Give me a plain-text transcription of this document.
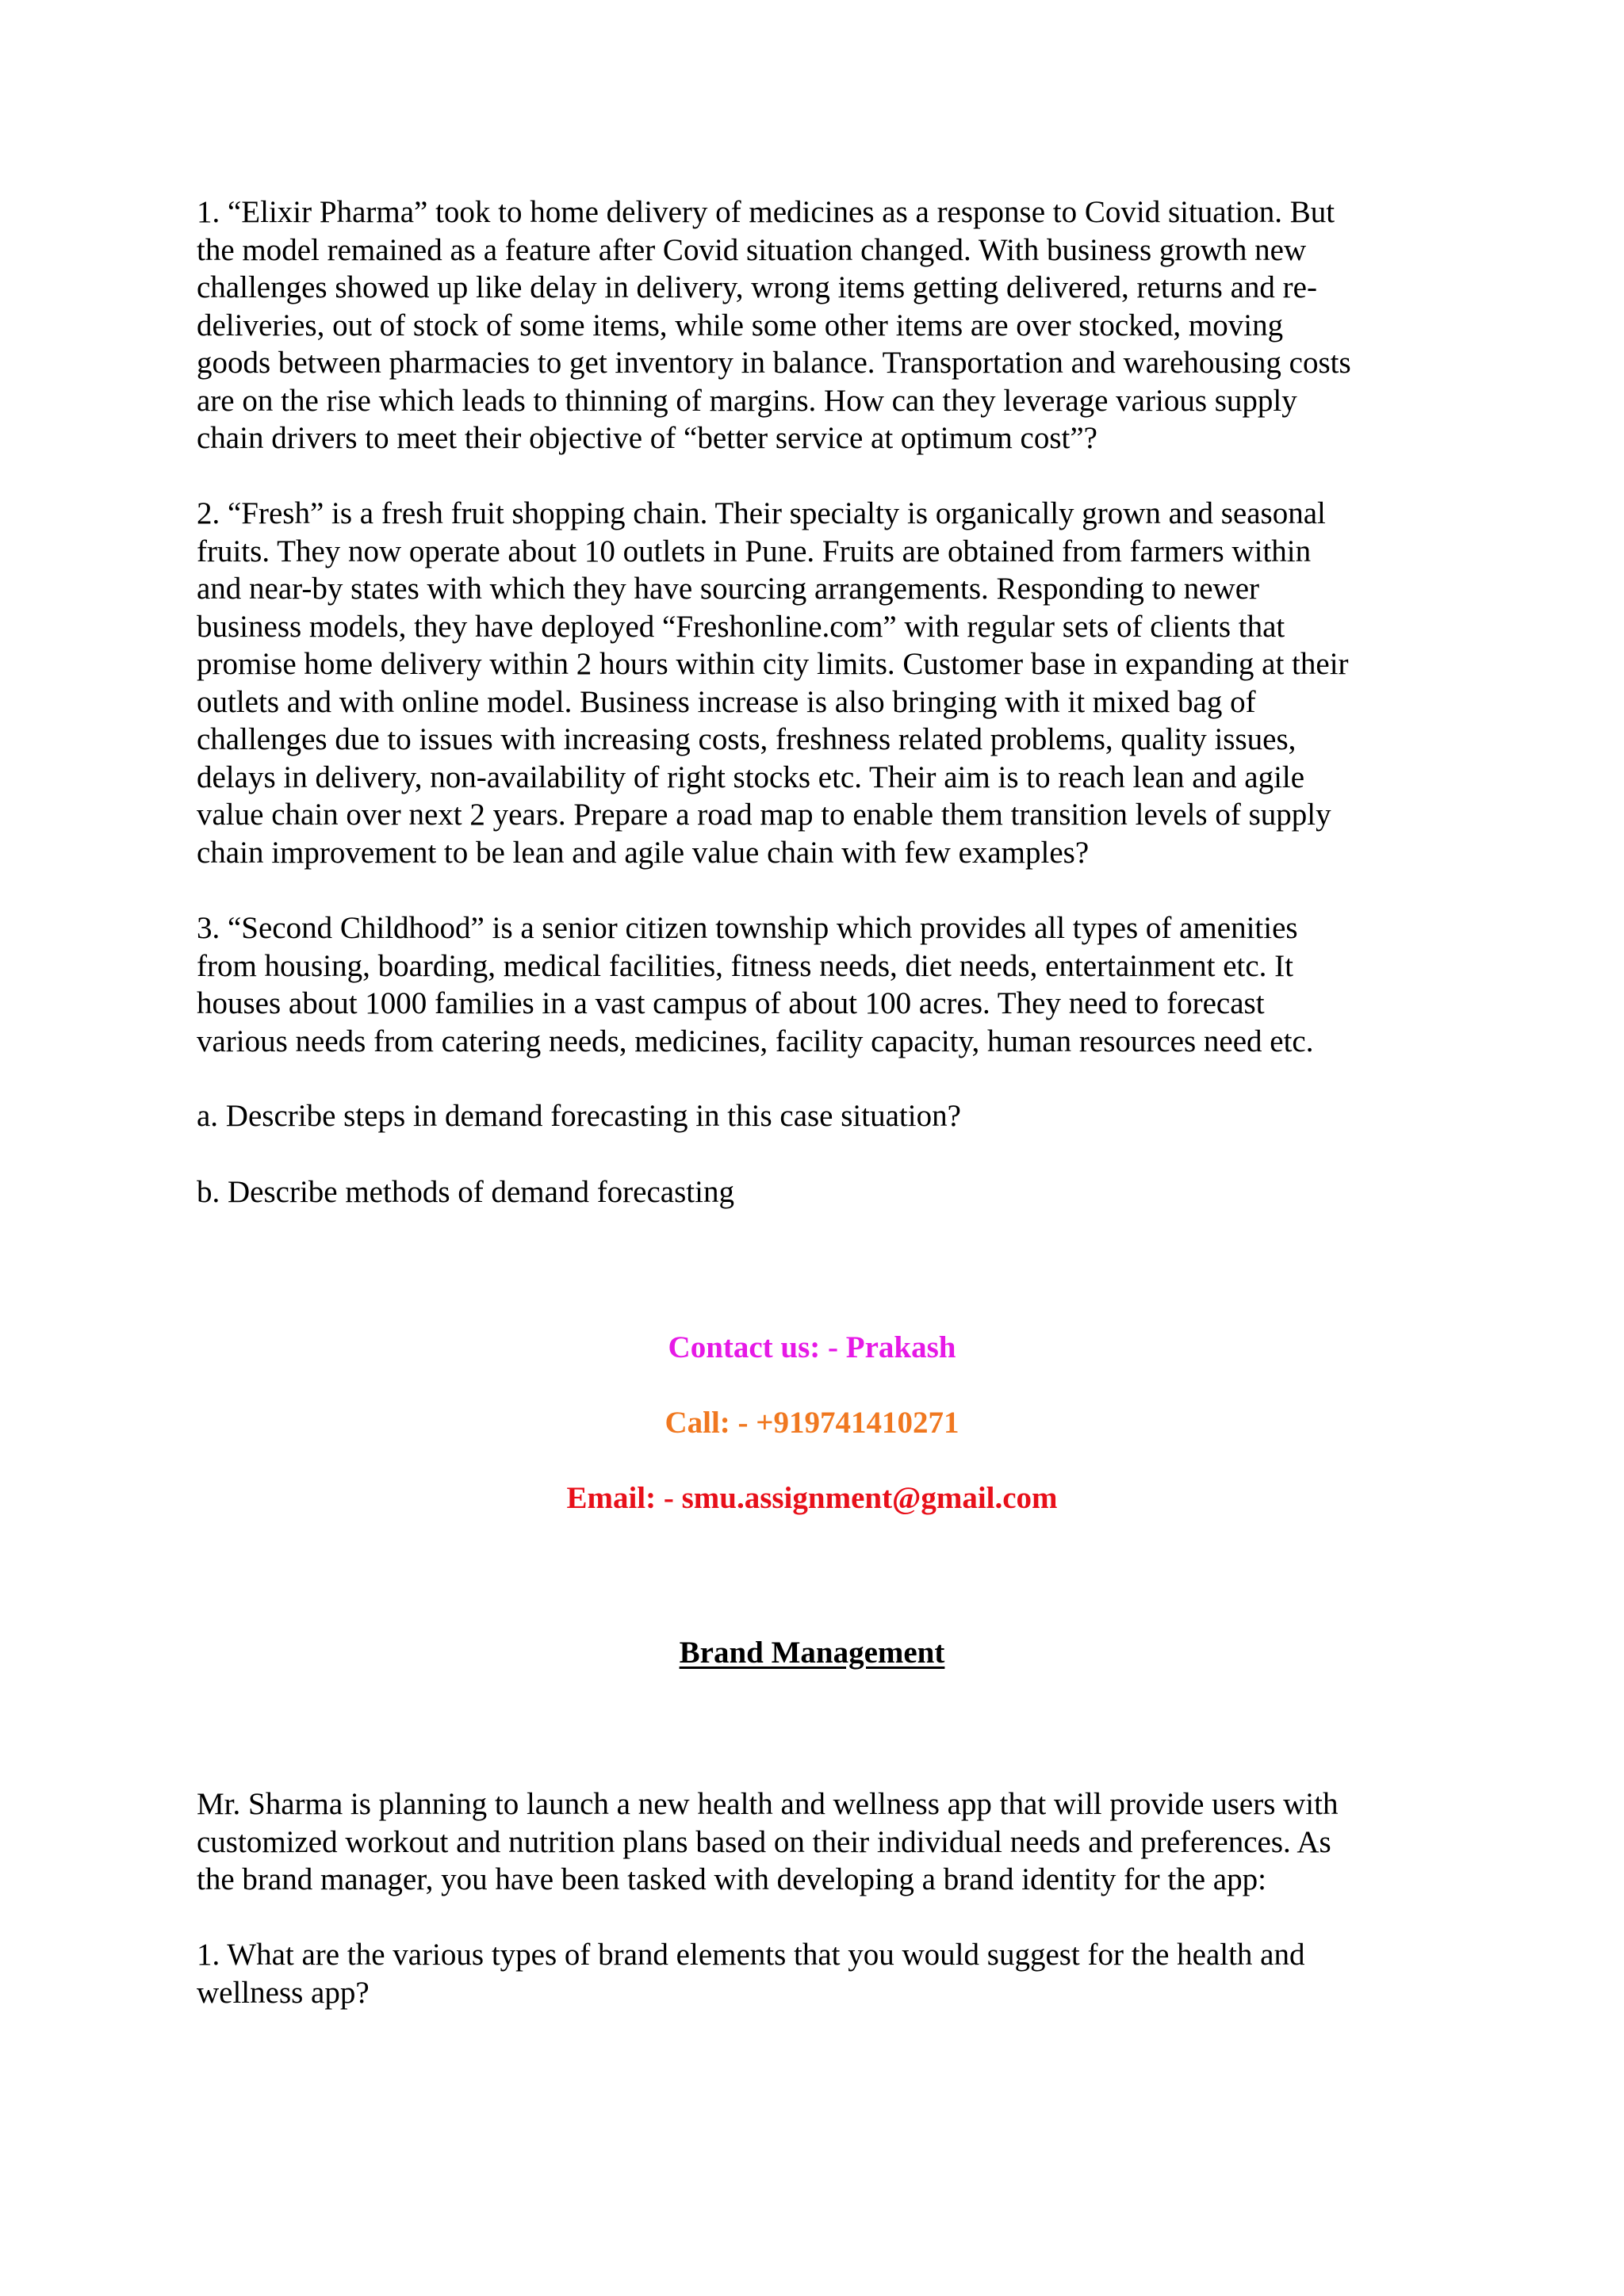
1. “Elixir Pharma” took to home delivery of medicines as a response to Covid situation. But
the model remained as a feature after Covid situation changed. With business growth new
challenges showed up like delay in delivery, wrong items getting delivered, returns and re-
deliveries, out of stock of some items, while some other items are over stocked, moving
goods between pharmacies to get inventory in balance. Transportation and warehousing costs
are on the rise which leads to thinning of margins. How can they leverage various supply
chain drivers to meet their objective of “better service at optimum cost”?

2. “Fresh” is a fresh fruit shopping chain. Their specialty is organically grown and seasonal
fruits. They now operate about 10 outlets in Pune. Fruits are obtained from farmers within
and near-by states with which they have sourcing arrangements. Responding to newer
business models, they have deployed “Freshonline.com” with regular sets of clients that
promise home delivery within 2 hours within city limits. Customer base in expanding at their
outlets and with online model. Business increase is also bringing with it mixed bag of
challenges due to issues with increasing costs, freshness related problems, quality issues,
delays in delivery, non-availability of right stocks etc. Their aim is to reach lean and agile
value chain over next 2 years. Prepare a road map to enable them transition levels of supply
chain improvement to be lean and agile value chain with few examples?

3. “Second Childhood” is a senior citizen township which provides all types of amenities
from housing, boarding, medical facilities, fitness needs, diet needs, entertainment etc. It
houses about 1000 families in a vast campus of about 100 acres. They need to forecast
various needs from catering needs, medicines, facility capacity, human resources need etc.

a. Describe steps in demand forecasting in this case situation?

b. Describe methods of demand forecasting

Contact us: - Prakash

Call: - +919741410271

Email: - smu.assignment@gmail.com

Brand Management

Mr. Sharma is planning to launch a new health and wellness app that will provide users with
customized workout and nutrition plans based on their individual needs and preferences. As
the brand manager, you have been tasked with developing a brand identity for the app:

1. What are the various types of brand elements that you would suggest for the health and
wellness app?
